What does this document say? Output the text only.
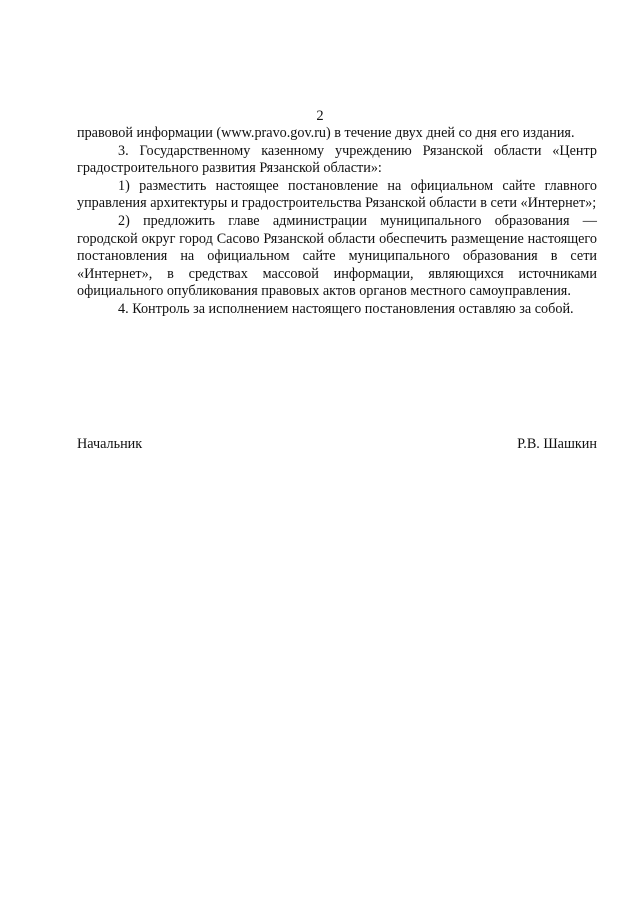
2

правовой информации (www.pravo.gov.ru) в течение двух дней со дня его издания.

3. Государственному казенному учреждению Рязанской области «Центр градостроительного развития Рязанской области»:

1) разместить настоящее постановление на официальном сайте главного управления архитектуры и градостроительства Рязанской области в сети «Интернет»;

2) предложить главе администрации муниципального образования — городской округ город Сасово Рязанской области обеспечить размещение настоящего постановления на официальном сайте муниципального образования в сети «Интернет», в средствах массовой информации, являющихся источниками официального опубликования правовых актов органов местного самоуправления.

4. Контроль за исполнением настоящего постановления оставляю за собой.

Начальник	Р.В. Шашкин
